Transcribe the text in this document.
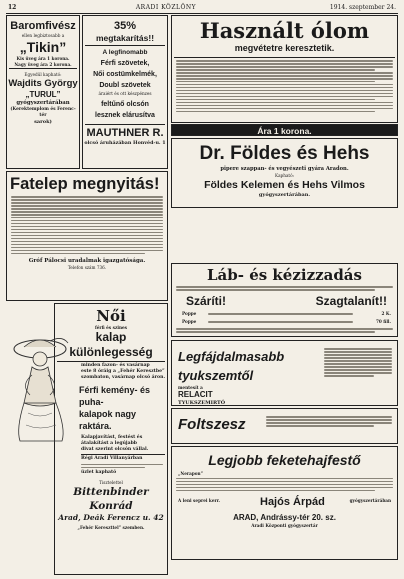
12	ARADI KÖZLÖNY	1914. szeptember 24.
Baromfivész
ellen legbiztosabb a
„Tikin”
Kis üveg ára 1 korona.
Nagy üveg ára 2 korona.
Egyedül kapható:
Wajdits György
„TURUL”
gyógyszertárában
(Kerektemplom és Ferenc-tér
sarok)
35%
megtakarítás!!
A legfinomabb
Férfi szövetek,
Női costümkelmék,
Doubl szövetek
áraiért és ott készpénzes
feltűnő olcsón
lesznek elárusítva
MAUTHNER R.
olcsó áruházában Honvéd-u. 1
Használt ólom
megvétetre keresztetik.
Ára 1 korona.
Dr. Földes és Hehs
pipere szappan- és vegyészeti gyára Aradon.
Kapható:
Földes Kelemen és Hehs Vilmos
gyógyszertárában.
Fatelep megnyitás!
Gróf Pálocsi uradalmak igazgatósága.
Telefon szám 736.	Láb- és kézizzadás
Száríti!	Szagtalanít!!
Poppe	2 K.
Poppe	70 fill.
Női
férfi és szines
kalap különlegesség
minden fazon- és vasárnap
este 8 óráig a „Fehér Keresztbe”
szombaton, vasárnap olcsó áron.
Férfi kemény- és puha-
kalapok nagy raktára.
Kalapjavítást, festést és
átalakítást a legújabb
divat szerint olcsón vállal.
Régi Aradi Villanyárban
üzlet kapható
Tisztelettel
Bittenbinder Konrád
Arad, Deák Ferencz u. 42
„Fehér Kereszttel” szemben.
Legfájdalmasabb tyukszemtől
mentesít a
RELACIT
TYUKSZEMIRTÓ
Foltszesz
Legjobb feketehajfestő
„Nerapon”
A leni seprei kerr.	Hajós Árpád	gyógyszertárában
ARAD, Andrássy-tér 20. sz.
Aradi Központi gyógyszertár
